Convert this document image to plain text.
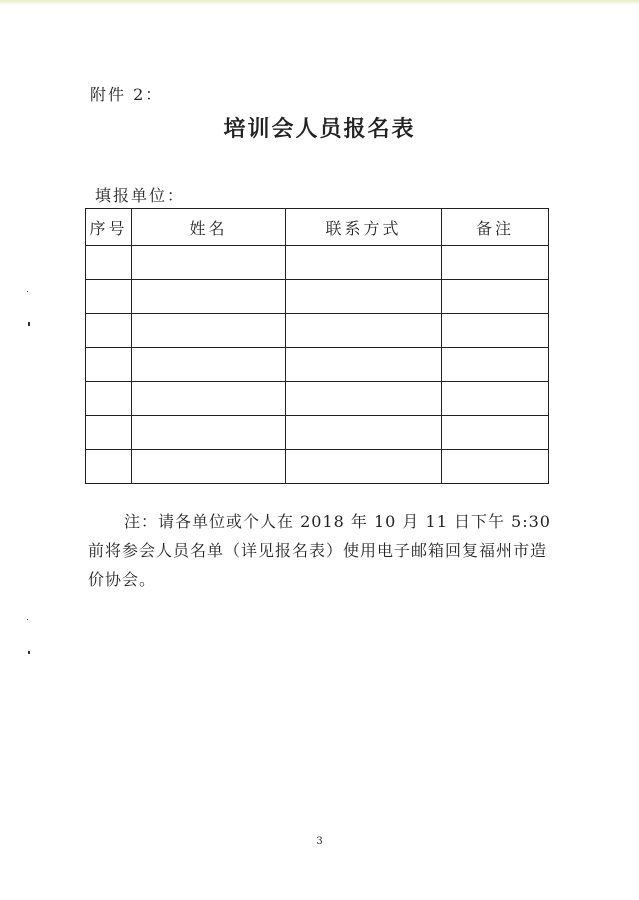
附件 2：
培训会人员报名表
填报单位：
序号	姓名	联系方式	备注

注：请各单位或个人在 2018 年 10 月 11 日下午 5:30 前将参会人员名单（详见报名表）使用电子邮箱回复福州市造价协会。
3
